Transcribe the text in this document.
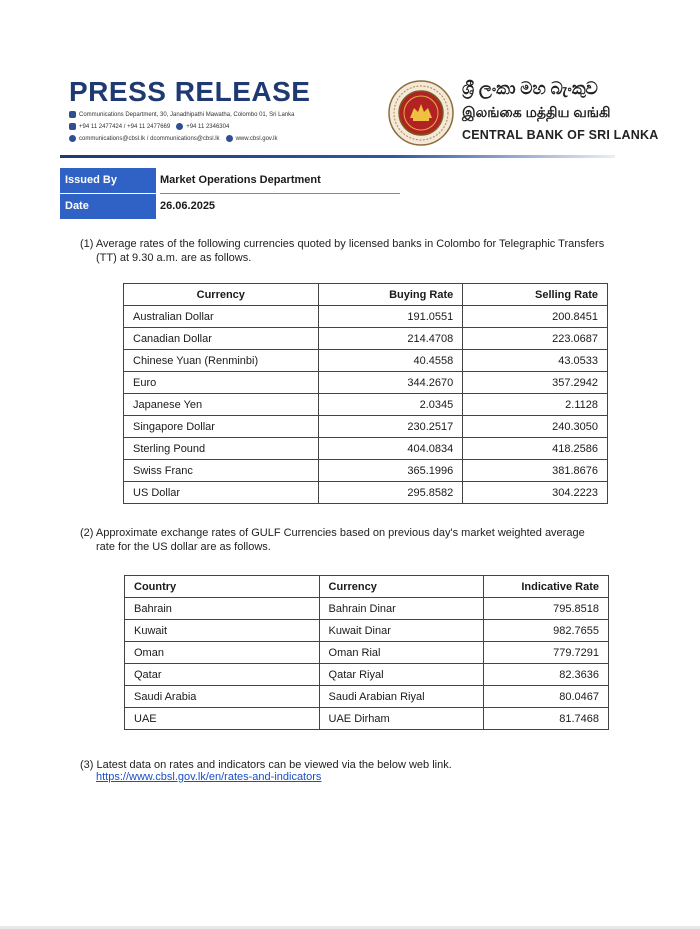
PRESS RELEASE
Communications Department, 30, Janadhipathi Mawatha, Colombo 01, Sri Lanka
+94 11 2477424 / +94 11 2477669	+94 11 2346304
communications@cbsl.lk / dcommunications@cbsl.lk	www.cbsl.gov.lk
ශ්‍රී ලංකා මහ බැංකුව
இலங்கை மத்திய வங்கி
CENTRAL BANK OF SRI LANKA
Issued By	Market Operations Department
Date	26.06.2025
(1) Average rates of the following currencies quoted by licensed banks in Colombo for Telegraphic Transfers
(TT) at 9.30 a.m. are as follows.
Currency	Buying Rate	Selling Rate
Australian Dollar	191.0551	200.8451
Canadian Dollar	214.4708	223.0687
Chinese Yuan (Renminbi)	40.4558	43.0533
Euro	344.2670	357.2942
Japanese Yen	2.0345	2.1128
Singapore Dollar	230.2517	240.3050
Sterling Pound	404.0834	418.2586
Swiss Franc	365.1996	381.8676
US Dollar	295.8582	304.2223
(2) Approximate exchange rates of GULF Currencies based on previous day's market weighted average
rate for the US dollar are as follows.
Country	Currency	Indicative Rate
Bahrain	Bahrain Dinar	795.8518
Kuwait	Kuwait Dinar	982.7655
Oman	Oman Rial	779.7291
Qatar	Qatar Riyal	82.3636
Saudi Arabia	Saudi Arabian Riyal	80.0467
UAE	UAE Dirham	81.7468
(3) Latest data on rates and indicators can be viewed via the below web link.
https://www.cbsl.gov.lk/en/rates-and-indicators
